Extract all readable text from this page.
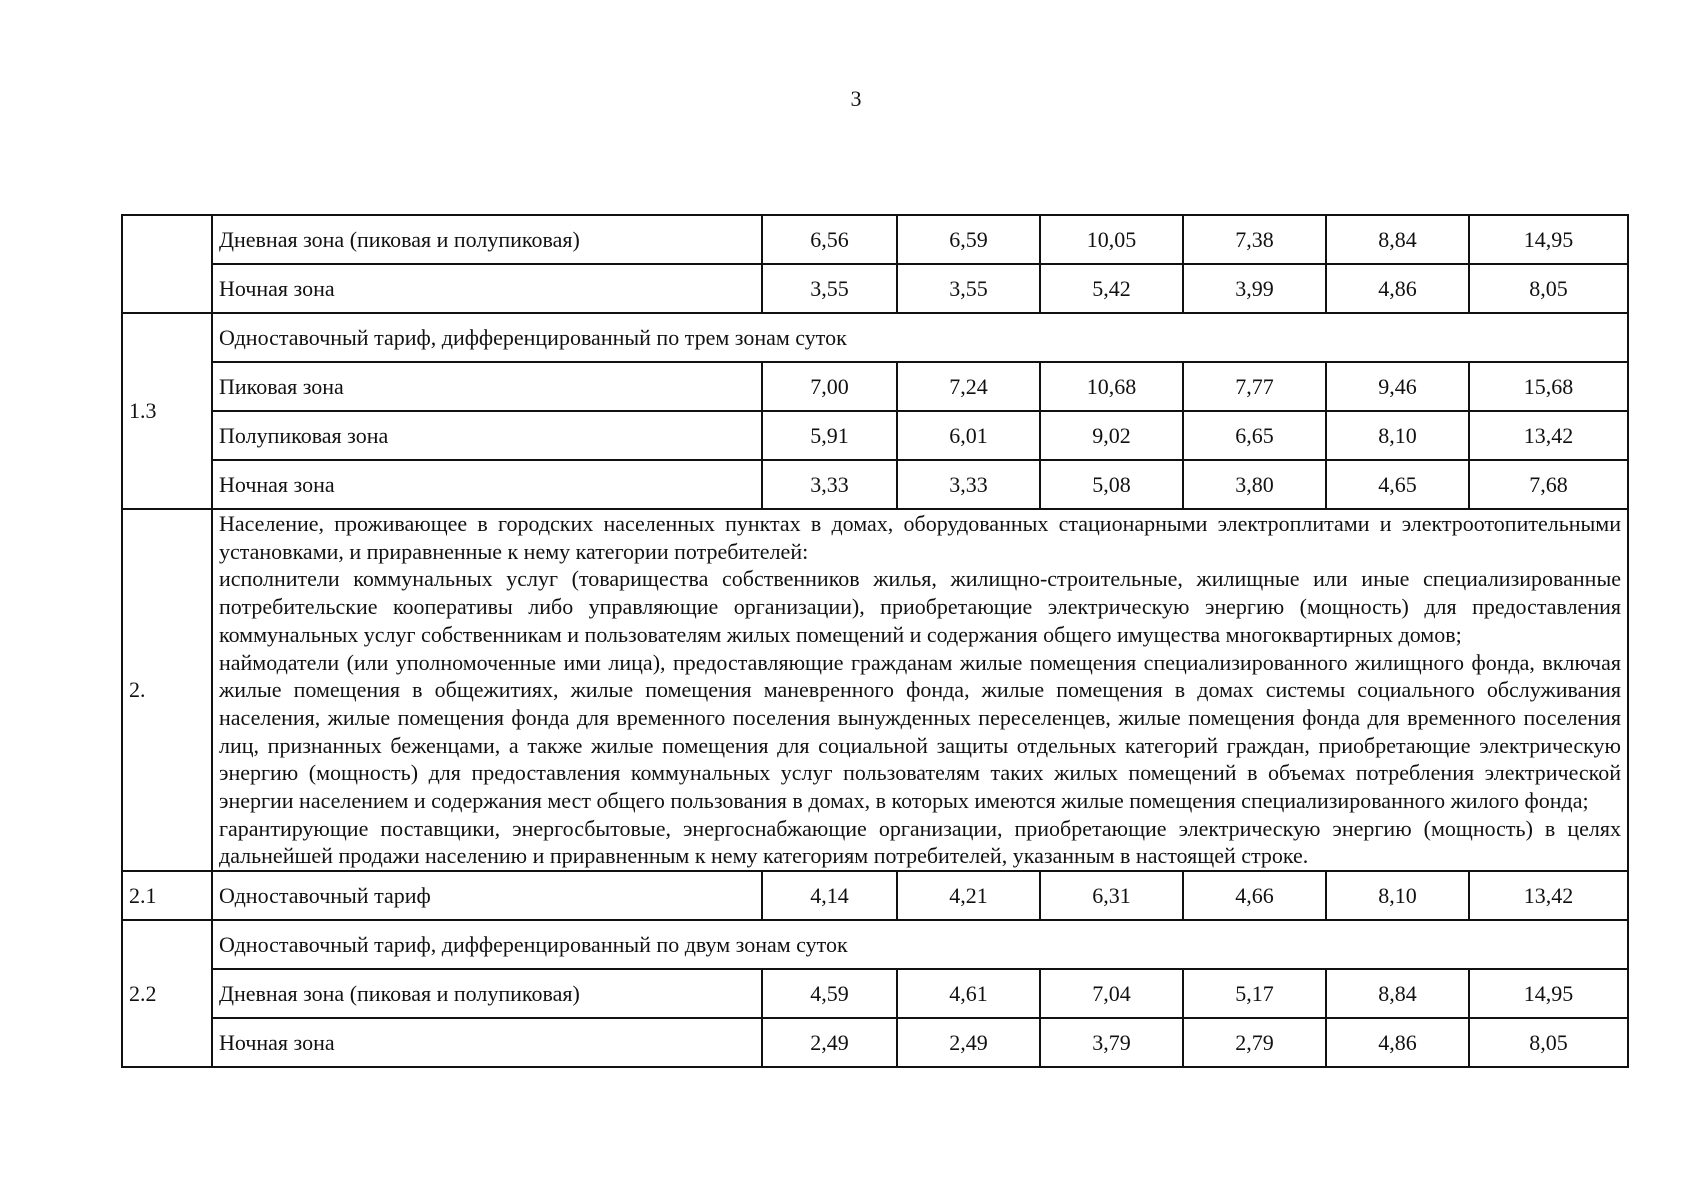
3
	Дневная зона (пиковая и полупиковая)	6,56	6,59	10,05	7,38	8,84	14,95
	Ночная зона	3,55	3,55	5,42	3,99	4,86	8,05
1.3	Одноставочный тариф, дифференцированный по трем зонам суток						
	Пиковая зона	7,00	7,24	10,68	7,77	9,46	15,68
	Полупиковая зона	5,91	6,01	9,02	6,65	8,10	13,42
	Ночная зона	3,33	3,33	5,08	3,80	4,65	7,68
2.	Население, проживающее в городских населенных пунктах в домах, оборудованных стационарными электроплитами и электроотопительными установками, и приравненные к нему категории потребителей:

исполнители коммунальных услуг (товарищества собственников жилья, жилищно-строительные, жилищные или иные специализированные потребительские кооперативы либо управляющие организации), приобретающие электрическую энергию (мощность) для предоставления коммунальных услуг собственникам и пользователям жилых помещений и содержания общего имущества многоквартирных домов;

наймодатели (или уполномоченные ими лица), предоставляющие гражданам жилые помещения специализированного жилищного фонда, включая жилые помещения в общежитиях, жилые помещения маневренного фонда, жилые помещения в домах системы социального обслуживания населения, жилые помещения фонда для временного поселения вынужденных переселенцев, жилые помещения фонда для временного поселения лиц, признанных беженцами, а также жилые помещения для социальной защиты отдельных категорий граждан, приобретающие электрическую энергию (мощность) для предоставления коммунальных услуг пользователям таких жилых помещений в объемах потребления электрической энергии населением и содержания мест общего пользования в домах, в которых имеются жилые помещения специализированного жилого фонда;

гарантирующие поставщики, энергосбытовые, энергоснабжающие организации, приобретающие электрическую энергию (мощность) в целях дальнейшей продажи населению и приравненным к нему категориям потребителей, указанным в настоящей строке.						

2.1	Одноставочный тариф	4,14	4,21	6,31	4,66	8,10	13,42
2.2	Одноставочный тариф, дифференцированный по двум зонам суток						
	Дневная зона (пиковая и полупиковая)	4,59	4,61	7,04	5,17	8,84	14,95
	Ночная зона	2,49	2,49	3,79	2,79	4,86	8,05
